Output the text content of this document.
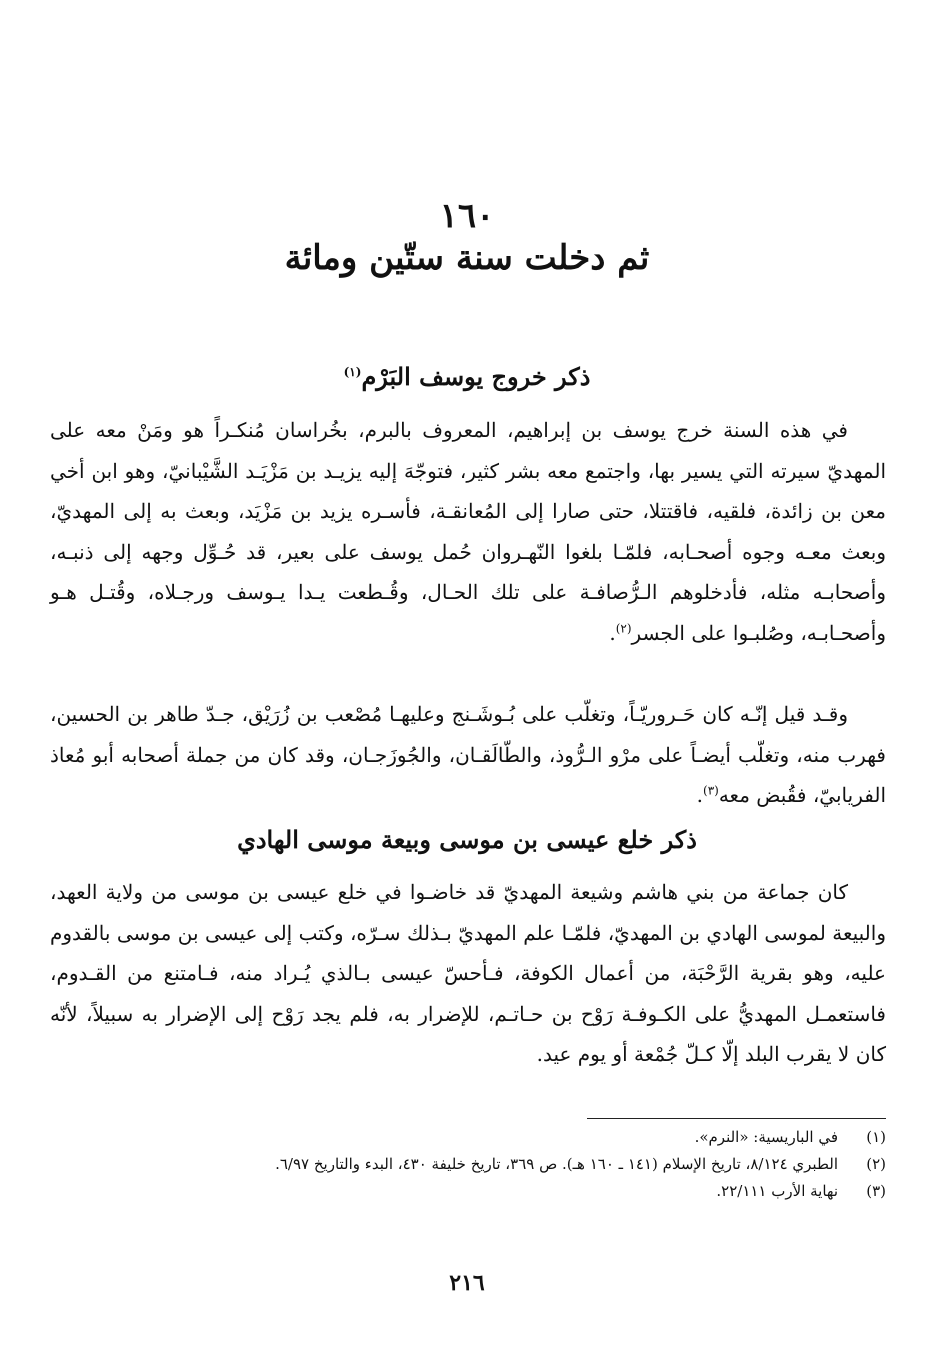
١٦٠
ثم دخلت سنة ستّين ومائة
ذكر خروج يوسف البَرْم$^{(١)}$

في هذه السنة خرج يوسف بن إبراهيم، المعروف بالبرم، بخُراسان مُنكـراً هو ومَنْ معه على المهديّ سيرته التي يسير بها، واجتمع معه بشر كثير، فتوجّهَ إليه يزيـد بن مَزْيَـد الشَّيْبانيّ، وهو ابن أخي معن بن زائدة، فلقيه، فاقتتلا، حتى صارا إلى المُعانقـة، فأسـره يزيد بن مَزْيَد، وبعث به إلى المهديّ، وبعث معـه وجوه أصحـابه، فلمّـا بلغوا النّهـروان حُمل يوسف على بعير، قد حُـوِّل وجهه إلى ذنبـه، وأصحابـه مثله، فأدخلوهم الـرُّصافـة على تلك الحـال، وقُـطعت يـدا يـوسف ورجـلاه، وقُتـل هـو وأصحـابـه، وصُلبـوا على الجسر$^{(٢)}$.

وقـد قيل إنّـه كان حَـروريّـاً، وتغلّب على بُـوشَـنج وعليهـا مُصْعب بن زُرَيْق، جـدّ طاهر بن الحسين، فهرب منه، وتغلّب أيضـاً على مرْو الـرُّوذ، والطّالَقـان، والجُوزَجـان، وقد كان من جملة أصحابه أبو مُعاذ الفريابيّ، فقُبض معه$^{(٣)}$.

ذكر خلع عيسى بن موسى وبيعة موسى الهادي

كان جماعة من بني هاشم وشيعة المهديّ قد خاضـوا في خلع عيسى بن موسى من ولاية العهد، والبيعة لموسى الهادي بن المهديّ، فلمّـا علم المهديّ بـذلك سـرّه، وكتب إلى عيسى بن موسى بالقدوم عليه، وهو بقرية الرَّحْبَة، من أعمال الكوفة، فـأحسّ عيسى بـالذي يُـراد منه، فـامتنع من القـدوم، فاستعمـل المهديُّ على الكـوفـة رَوْح بن حـاتـم، للإضرار به، فلم يجد رَوْح إلى الإضرار به سبيلاً، لأنّه كان لا يقرب البلد إلّا كـلّ جُمْعة أو يوم عيد.

(١)
في الباريسية: «النرم».
(٢)
الطبري ٨/١٢٤، تاريخ الإسلام (١٤١ ـ ١٦٠ هـ). ص ٣٦٩، تاريخ خليفة ٤٣٠، البدء والتاريخ ٦/٩٧.
(٣)
نهاية الأرب ٢٢/١١١.
٢١٦
